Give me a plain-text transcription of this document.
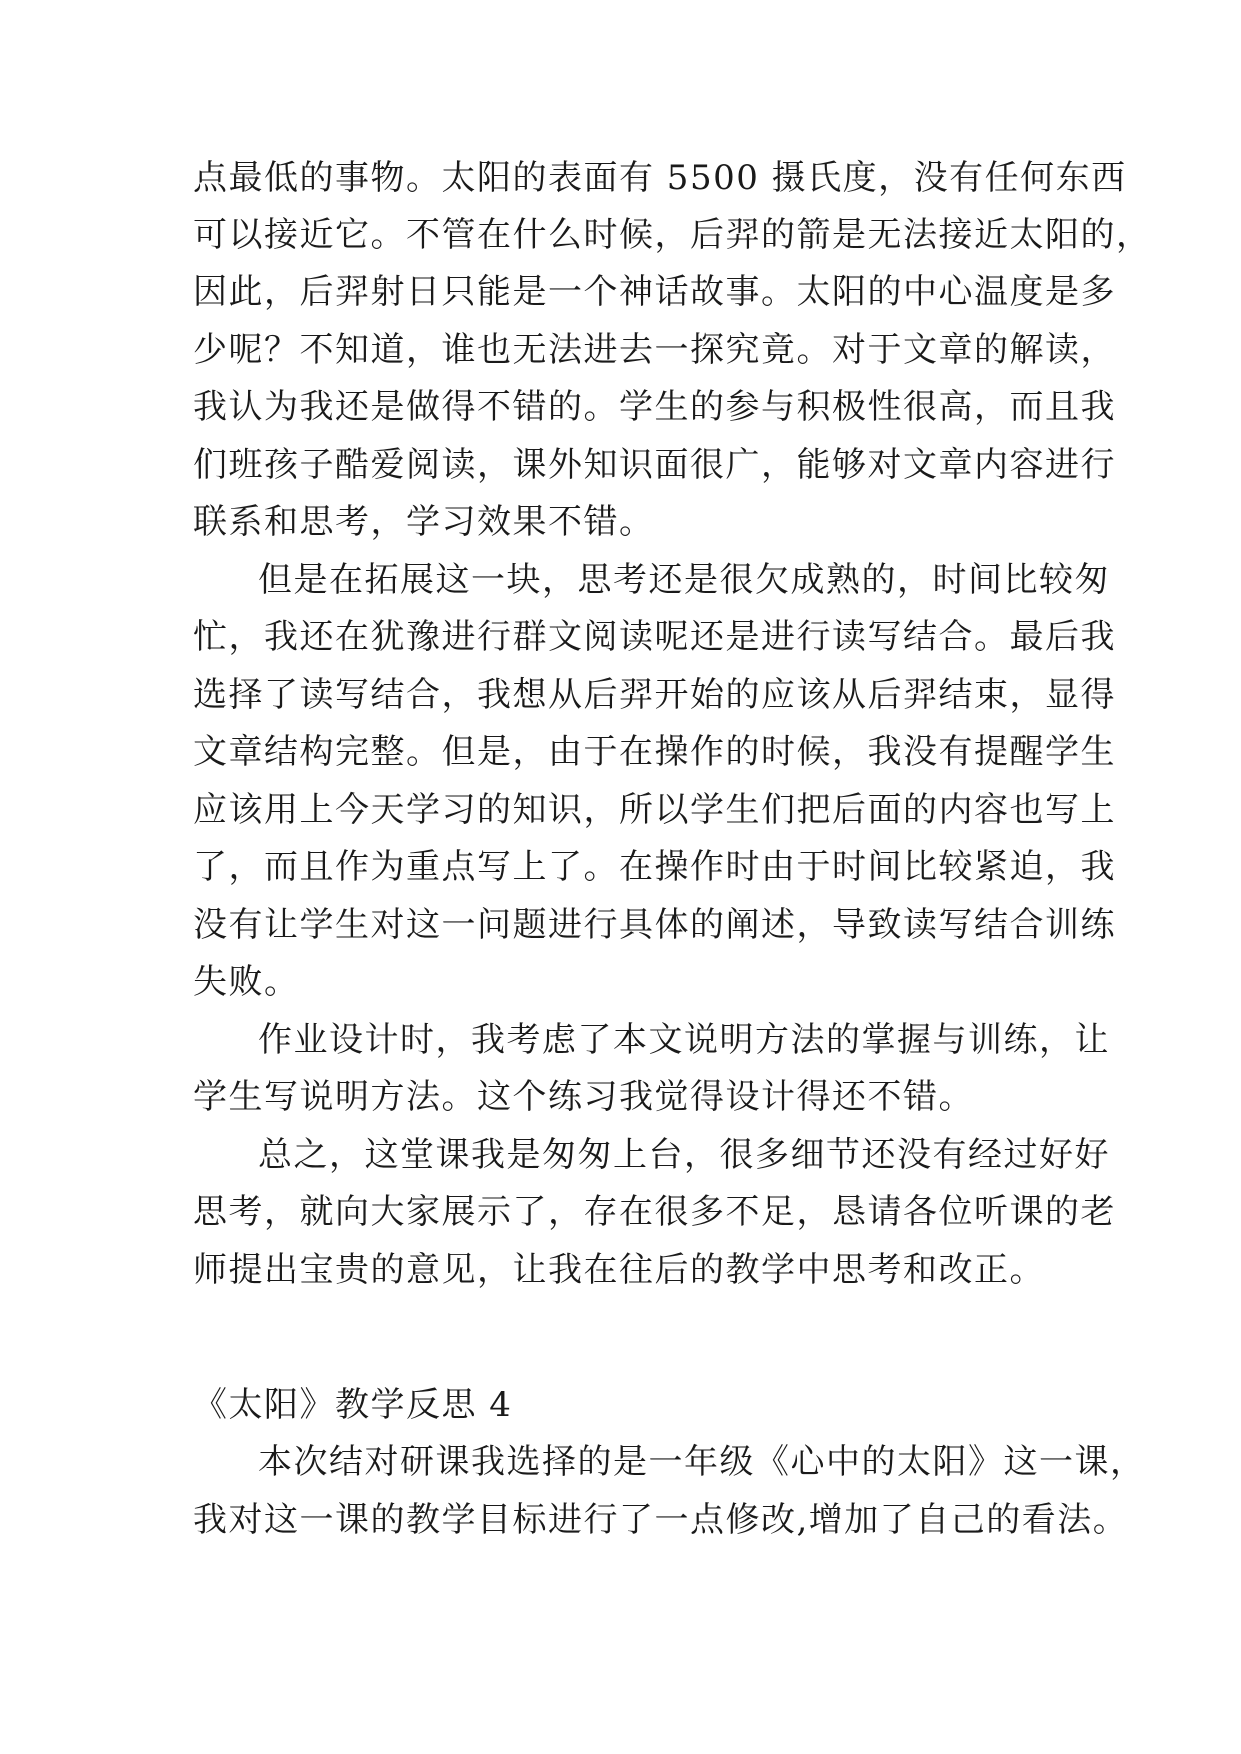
点最低的事物。太阳的表面有 5500 摄氏度，没有任何东西
可以接近它。不管在什么时候，后羿的箭是无法接近太阳的，
因此，后羿射日只能是一个神话故事。太阳的中心温度是多
少呢？不知道，谁也无法进去一探究竟。对于文章的解读，
我认为我还是做得不错的。学生的参与积极性很高，而且我
们班孩子酷爱阅读，课外知识面很广，能够对文章内容进行
联系和思考，学习效果不错。
但是在拓展这一块，思考还是很欠成熟的，时间比较匆
忙，我还在犹豫进行群文阅读呢还是进行读写结合。最后我
选择了读写结合，我想从后羿开始的应该从后羿结束，显得
文章结构完整。但是，由于在操作的时候，我没有提醒学生
应该用上今天学习的知识，所以学生们把后面的内容也写上
了，而且作为重点写上了。在操作时由于时间比较紧迫，我
没有让学生对这一问题进行具体的阐述，导致读写结合训练
失败。
作业设计时，我考虑了本文说明方法的掌握与训练，让
学生写说明方法。这个练习我觉得设计得还不错。
总之，这堂课我是匆匆上台，很多细节还没有经过好好
思考，就向大家展示了，存在很多不足，恳请各位听课的老
师提出宝贵的意见，让我在往后的教学中思考和改正。
《太阳》教学反思 4
本次结对研课我选择的是一年级《心中的太阳》这一课，
我对这一课的教学目标进行了一点修改,增加了自己的看法。
